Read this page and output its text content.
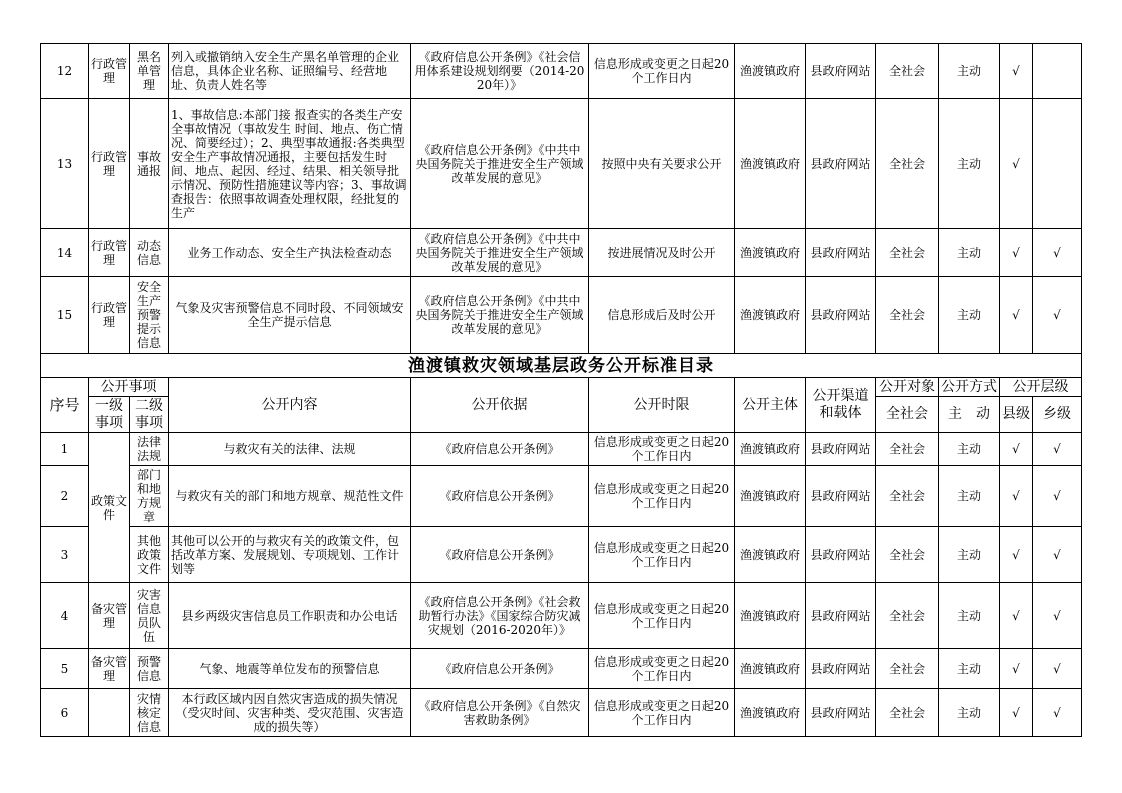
12	行政管理	黑名单管理	列入或撤销纳入安全生产黑名单管理的企业信息，具体企业名称、证照编号、经营地址、负责人姓名等	《政府信息公开条例》《社会信用体系建设规划纲要（2014-2020年）》	信息形成或变更之日起20个工作日内	渔渡镇政府	县政府网站	全社会	主动	√	
13	行政管理	事故通报	1、事故信息:本部门接 报查实的各类生产安 全事故情况（事故发生 时间、地点、伤亡情况、简要经过）；2、典型事故通报:各类典型安全生产事故情况通报，主要包括发生时间、地点、起因、经过、结果、相关领导批示情况、预防性措施建议等内容；3、事故调查报告：依照事故调查处理权限，经批复的生产	《政府信息公开条例》《中共中央国务院关于推进安全生产领域改革发展的意见》	按照中央有关要求公开	渔渡镇政府	县政府网站	全社会	主动	√	
14	行政管理	动态信息	业务工作动态、安全生产执法检查动态	《政府信息公开条例》《中共中央国务院关于推进安全生产领域改革发展的意见》	按进展情况及时公开	渔渡镇政府	县政府网站	全社会	主动	√	√
15	行政管理	安全生产预警提示信息	气象及灾害预警信息不同时段、不同领域安全生产提示信息	《政府信息公开条例》《中共中央国务院关于推进安全生产领域改革发展的意见》	信息形成后及时公开	渔渡镇政府	县政府网站	全社会	主动	√	√
渔渡镇救灾领域基层政务公开标准目录											
序号	公开事项		公开内容	公开依据	公开时限	公开主体	公开渠道和载体	公开对象	公开方式	公开层级	
	一级事项	二级事项						全社会	主　动	县级	乡级

1	政策文件	法律法规	与救灾有关的法律、法规	《政府信息公开条例》	信息形成或变更之日起20个工作日内	渔渡镇政府	县政府网站	全社会	主动	√	√
2		部门和地方规章	与救灾有关的部门和地方规章、规范性文件	《政府信息公开条例》	信息形成或变更之日起20个工作日内	渔渡镇政府	县政府网站	全社会	主动	√	√
3		其他政策文件	其他可以公开的与救灾有关的政策文件，包括改革方案、发展规划、专项规划、工作计划等	《政府信息公开条例》	信息形成或变更之日起20个工作日内	渔渡镇政府	县政府网站	全社会	主动	√	√
4	备灾管理	灾害信息员队伍	县乡两级灾害信息员工作职责和办公电话	《政府信息公开条例》《社会救助暂行办法》《国家综合防灾减灾规划（2016-2020年）》	信息形成或变更之日起20个工作日内	渔渡镇政府	县政府网站	全社会	主动	√	√
5	备灾管理	预警信息	气象、地震等单位发布的预警信息	《政府信息公开条例》	信息形成或变更之日起20个工作日内	渔渡镇政府	县政府网站	全社会	主动	√	√
6		灾情核定信息	本行政区域内因自然灾害造成的损失情况（受灾时间、灾害种类、受灾范围、灾害造成的损失等）	《政府信息公开条例》《自然灾害救助条例》	信息形成或变更之日起20个工作日内	渔渡镇政府	县政府网站	全社会	主动	√	√
